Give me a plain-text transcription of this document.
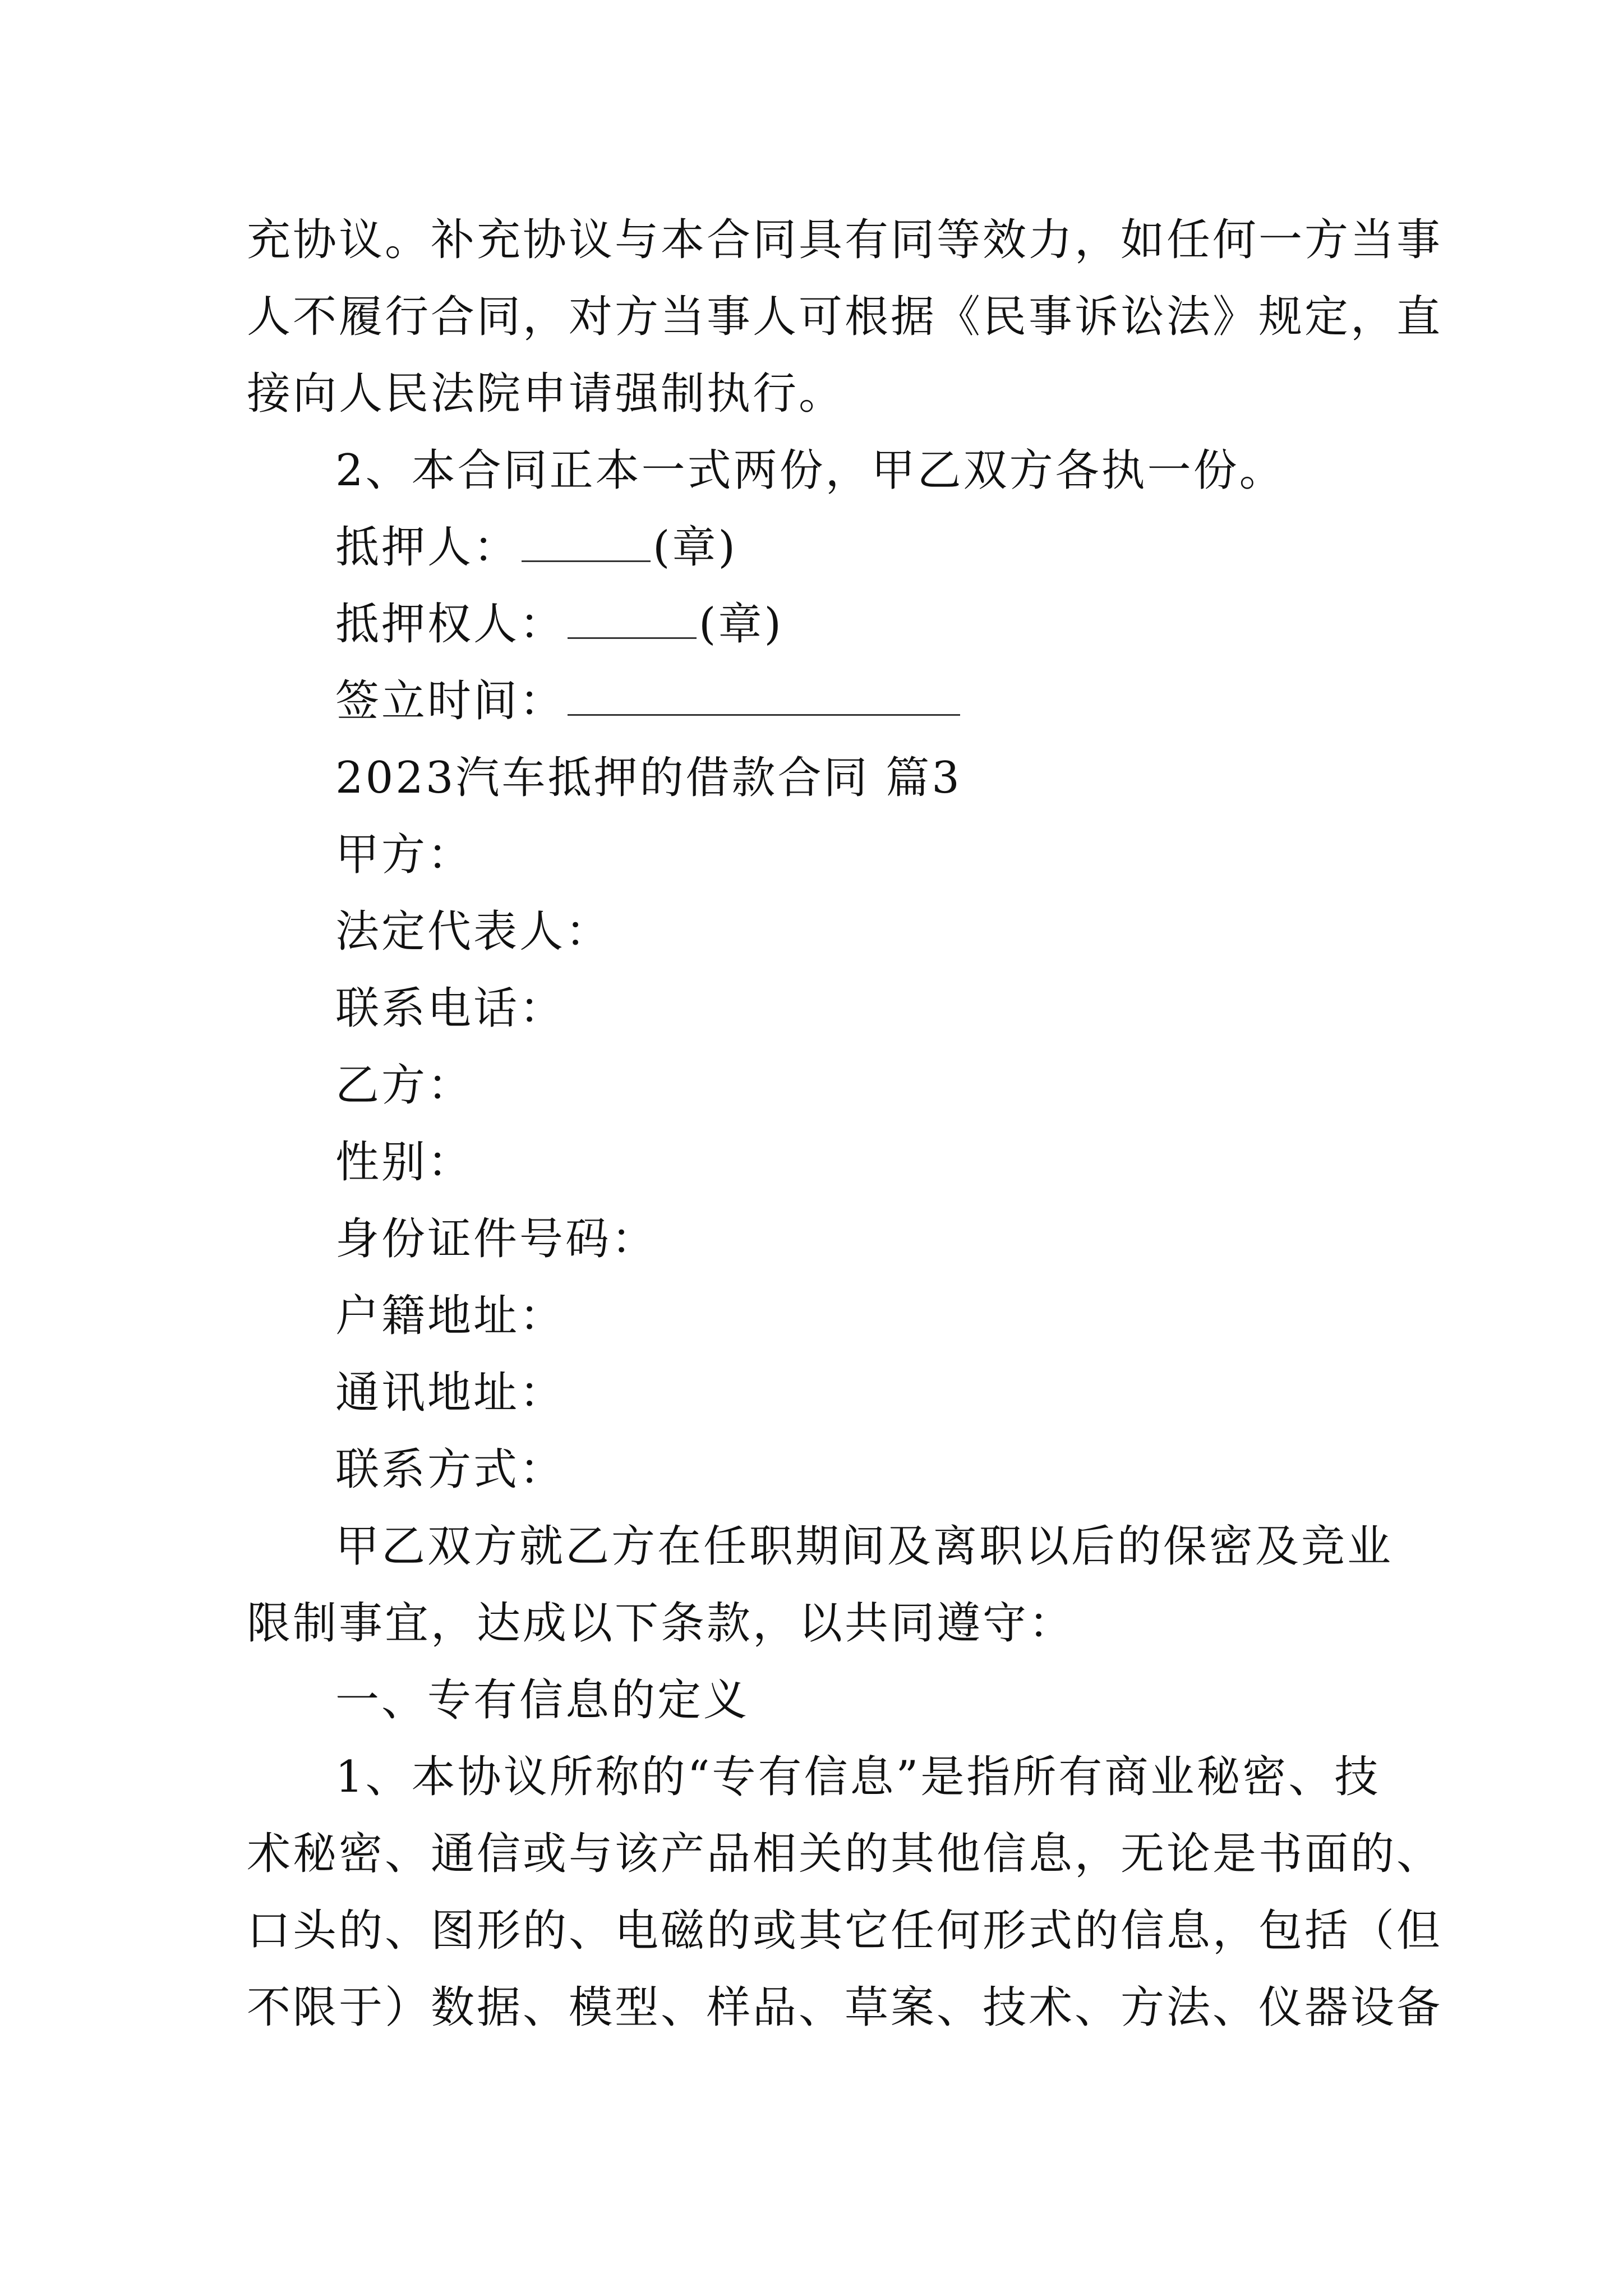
充协议。补充协议与本合同具有同等效力，如任何一方当事
人不履行合同，对方当事人可根据《民事诉讼法》规定，直
接向人民法院申请强制执行。
2、本合同正本一式两份，甲乙双方各执一份。
抵押人：	(章)
抵押权人：	(章)
签立时间：
2023汽车抵押的借款合同 篇3
甲方：
法定代表人：
联系电话：
乙方：
性别：
身份证件号码：
户籍地址：
通讯地址：
联系方式：
甲乙双方就乙方在任职期间及离职以后的保密及竞业
限制事宜，达成以下条款，以共同遵守：
一、专有信息的定义
1、本协议所称的“专有信息”是指所有商业秘密、技
术秘密、通信或与该产品相关的其他信息，无论是书面的、
口头的、图形的、电磁的或其它任何形式的信息，包括（但
不限于）数据、模型、样品、草案、技术、方法、仪器设备
